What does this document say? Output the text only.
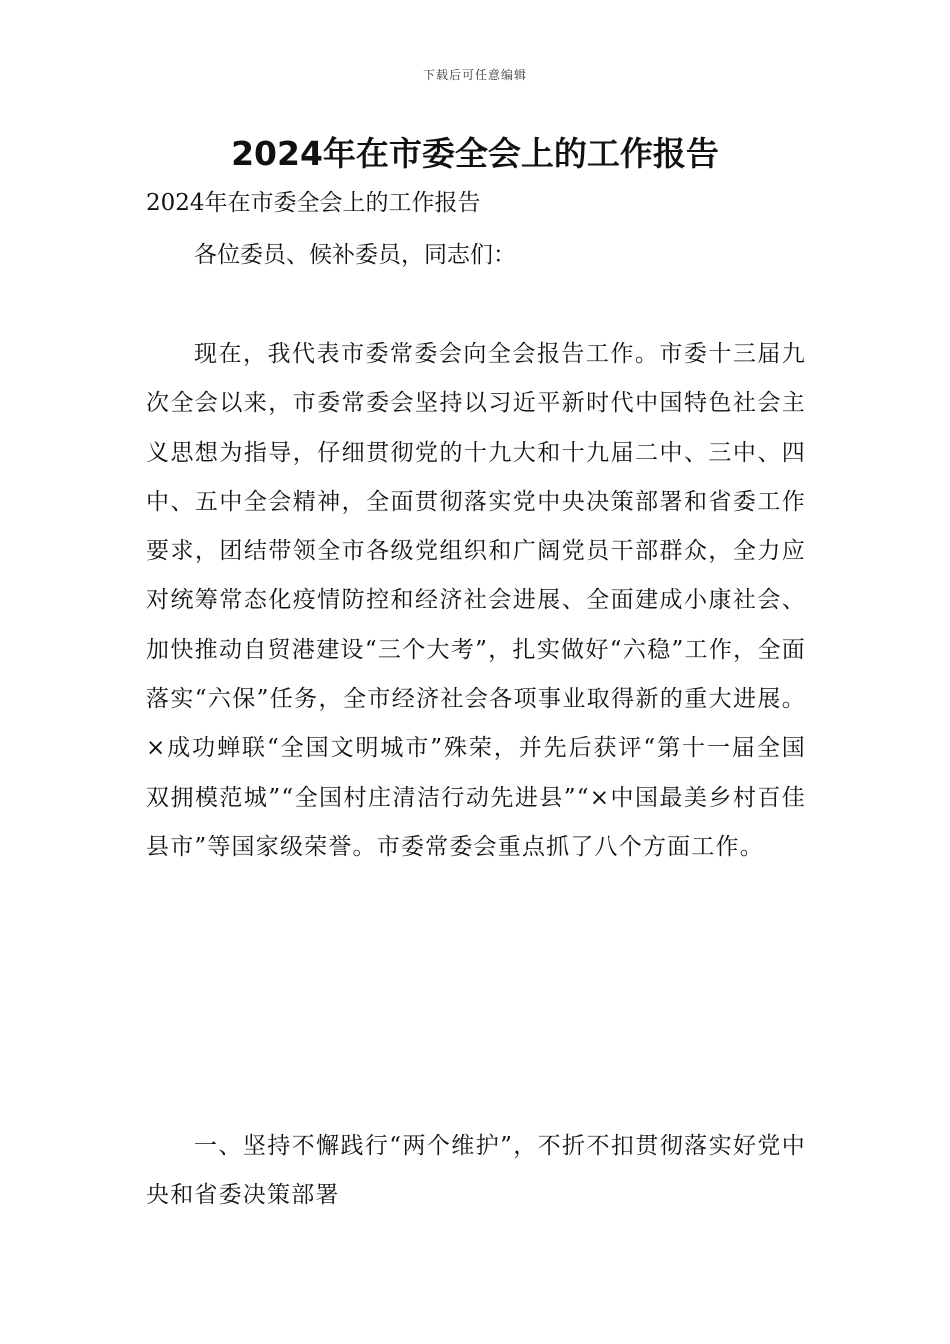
下载后可任意编辑
2024年在市委全会上的工作报告

2024年在市委全会上的工作报告

各位委员、候补委员，同志们：

现在，我代表市委常委会向全会报告工作。市委十三届九次全会以来，市委常委会坚持以习近平新时代中国特色社会主义思想为指导，仔细贯彻党的十九大和十九届二中、三中、四中、五中全会精神，全面贯彻落实党中央决策部署和省委工作要求，团结带领全市各级党组织和广阔党员干部群众，全力应对统筹常态化疫情防控和经济社会进展、全面建成小康社会、加快推动自贸港建设“三个大考”，扎实做好“六稳”工作，全面落实“六保”任务，全市经济社会各项事业取得新的重大进展。×成功蝉联“全国文明城市”殊荣，并先后获评“第十一届全国双拥模范城”“全国村庄清洁行动先进县”“×中国最美乡村百佳县市”等国家级荣誉。市委常委会重点抓了八个方面工作。

一、坚持不懈践行“两个维护”，不折不扣贯彻落实好党中央和省委决策部署
